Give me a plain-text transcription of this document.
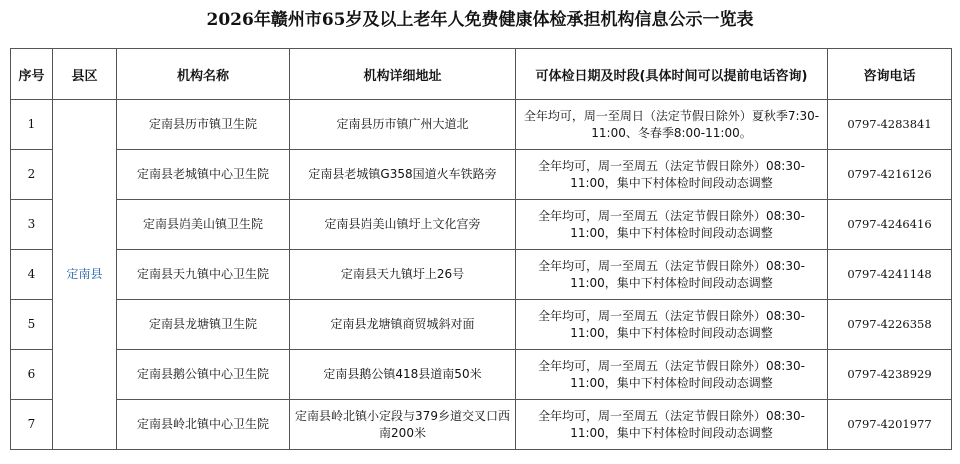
2026年赣州市65岁及以上老年人免费健康体检承担机构信息公示一览表
序号	县区	机构名称	机构详细地址	可体检日期及时段(具体时间可以提前电话咨询)	咨询电话
1	定南县	定南县历市镇卫生院	定南县历市镇广州大道北	全年均可，周一至周日（法定节假日除外）夏秋季7:30-11:00、冬春季8:00-11:00。	0797-4283841
2		定南县老城镇中心卫生院	定南县老城镇G358国道火车铁路旁	全年均可，周一至周五（法定节假日除外）08:30-11:00，集中下村体检时间段动态调整	0797-4216126
3		定南县岿美山镇卫生院	定南县岿美山镇圩上文化宫旁	全年均可，周一至周五（法定节假日除外）08:30-11:00，集中下村体检时间段动态调整	0797-4246416
4		定南县天九镇中心卫生院	定南县天九镇圩上26号	全年均可，周一至周五（法定节假日除外）08:30-11:00，集中下村体检时间段动态调整	0797-4241148
5		定南县龙塘镇卫生院	定南县龙塘镇商贸城斜对面	全年均可，周一至周五（法定节假日除外）08:30-11:00，集中下村体检时间段动态调整	0797-4226358
6		定南县鹅公镇中心卫生院	定南县鹅公镇418县道南50米	全年均可，周一至周五（法定节假日除外）08:30-11:00，集中下村体检时间段动态调整	0797-4238929
7		定南县岭北镇中心卫生院	定南县岭北镇小定段与379乡道交叉口西南200米	全年均可，周一至周五（法定节假日除外）08:30-11:00，集中下村体检时间段动态调整	0797-4201977
